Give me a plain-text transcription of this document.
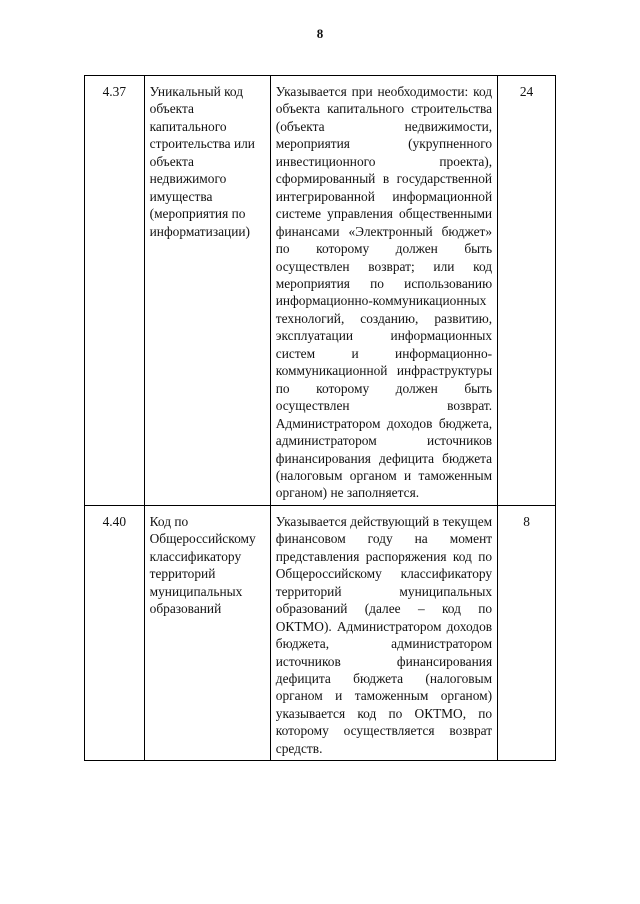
8
4.37	Уникальный код объекта капитального строительства или объекта недвижимого имущества (мероприятия по информатизации)	Указывается при необходимости: код объекта капитального строительства (объекта недвижимости, мероприятия (укрупненного инвестиционного проекта), сформированный в государственной интегрированной информационной системе управления общественными финансами «Электронный бюджет» по которому должен быть осуществлен возврат; или код мероприятия по использованию информационно-коммуникационных технологий, созданию, развитию, эксплуатации информационных систем и информационно-коммуникационной инфраструктуры по которому должен быть осуществлен возврат. Администратором доходов бюджета, администратором источников финансирования дефицита бюджета (налоговым органом и таможенным органом) не заполняется.	24
4.40	Код по Общероссийскому классификатору территорий муниципальных образований	Указывается действующий в текущем финансовом году на момент представления распоряжения код по Общероссийскому классификатору территорий муниципальных образований (далее – код по ОКТМО). Администратором доходов бюджета, администратором источников финансирования дефицита бюджета (налоговым органом и таможенным органом) указывается код по ОКТМО, по которому осуществляется возврат средств.	8
